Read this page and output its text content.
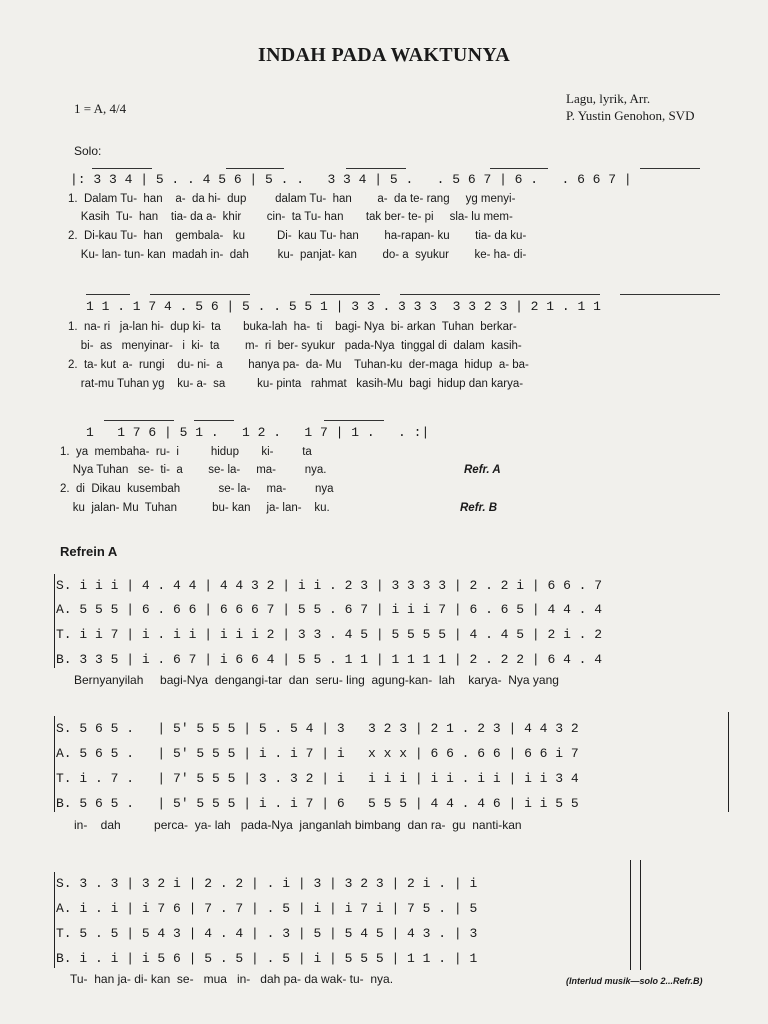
INDAH PADA WAKTUNYA
1 = A, 4/4
Lagu, lyrik, Arr.
P. Yustin Genohon, SVD
Solo:
|: 3 3 4 | 5 . . 4 5 6 | 5 . .   3 3 4 | 5 .   . 5 6 7 | 6 .   . 6 6 7 |
1.  Dalam Tu-  han    a-  da hi-  dup         dalam Tu-  han        a-  da te- rang     yg menyi-
Kasih  Tu-  han    tia- da a-  khir        cin-  ta Tu- han       tak ber- te- pi     sla- lu mem-
2.  Di-kau Tu-  han    gembala-   ku          Di-  kau Tu- han        ha-rapan- ku        tia- da ku-
Ku- lan- tun- kan  madah in-  dah         ku-  panjat- kan        do- a  syukur        ke- ha- di-
1 1 . 1 7 4 . 5 6 | 5 . . 5 5 1 | 3 3 . 3 3 3  3 3 2 3 | 2 1 . 1 1
1.  na- ri   ja-lan hi-  dup ki-  ta       buka-lah  ha-  ti    bagi- Nya  bi- arkan  Tuhan  berkar-
bi-  as   menyinar-   i  ki-  ta        m-  ri  ber- syukur   pada-Nya  tinggal di  dalam  kasih-
2.  ta- kut  a-  rungi    du- ni-  a        hanya pa-  da- Mu    Tuhan-ku  der-maga  hidup  a- ba-
rat-mu Tuhan yg    ku- a-  sa          ku- pinta   rahmat   kasih-Mu  bagi  hidup dan karya-
1   1 7 6 | 5 1 .   1 2 .   1 7 | 1 .   . :|
1.  ya  membaha-  ru-  i          hidup       ki-         ta
Nya Tuhan   se-  ti-  a        se- la-     ma-         nya.
2.  di  Dikau  kusembah            se- la-     ma-         nya
ku  jalan- Mu  Tuhan           bu- kan     ja- lan-    ku.
Refr. A
Refr. B
Refrein A
S. i i i | 4 . 4 4 | 4 4 3 2 | i i . 2 3 | 3 3 3 3 | 2 . 2 i | 6 6 . 7
A. 5 5 5 | 6 . 6 6 | 6 6 6 7 | 5 5 . 6 7 | i i i 7 | 6 . 6 5 | 4 4 . 4
T. i i 7 | i . i i | i i i 2 | 3 3 . 4 5 | 5 5 5 5 | 4 . 4 5 | 2 i . 2
B. 3 3 5 | i . 6 7 | i 6 6 4 | 5 5 . 1 1 | 1 1 1 1 | 2 . 2 2 | 6 4 . 4
Bernyanyilah     bagi-Nya  dengangi-tar  dan  seru- ling  agung-kan-  lah    karya-  Nya yang
S. 5 6 5 .   | 5' 5 5 5 | 5 . 5 4 | 3   3 2 3 | 2 1 . 2 3 | 4 4 3 2
A. 5 6 5 .   | 5' 5 5 5 | i . i 7 | i   x x x | 6 6 . 6 6 | 6 6 i 7
T. i . 7 .   | 7' 5 5 5 | 3 . 3 2 | i   i i i | i i . i i | i i 3 4
B. 5 6 5 .   | 5' 5 5 5 | i . i 7 | 6   5 5 5 | 4 4 . 4 6 | i i 5 5
in-    dah          perca-  ya- lah   pada-Nya  janganlah bimbang  dan ra-  gu  nanti-kan
S. 3 . 3 | 3 2 i | 2 . 2 | . i | 3 | 3 2 3 | 2 i . | i
A. i . i | i 7 6 | 7 . 7 | . 5 | i | i 7 i | 7 5 . | 5
T. 5 . 5 | 5 4 3 | 4 . 4 | . 3 | 5 | 5 4 5 | 4 3 . | 3
B. i . i | i 5 6 | 5 . 5 | . 5 | i | 5 5 5 | 1 1 . | 1
Tu-  han ja- di- kan  se-   mua   in-   dah pa- da wak- tu-  nya.	(Interlud musik—solo 2...Refr.B)
